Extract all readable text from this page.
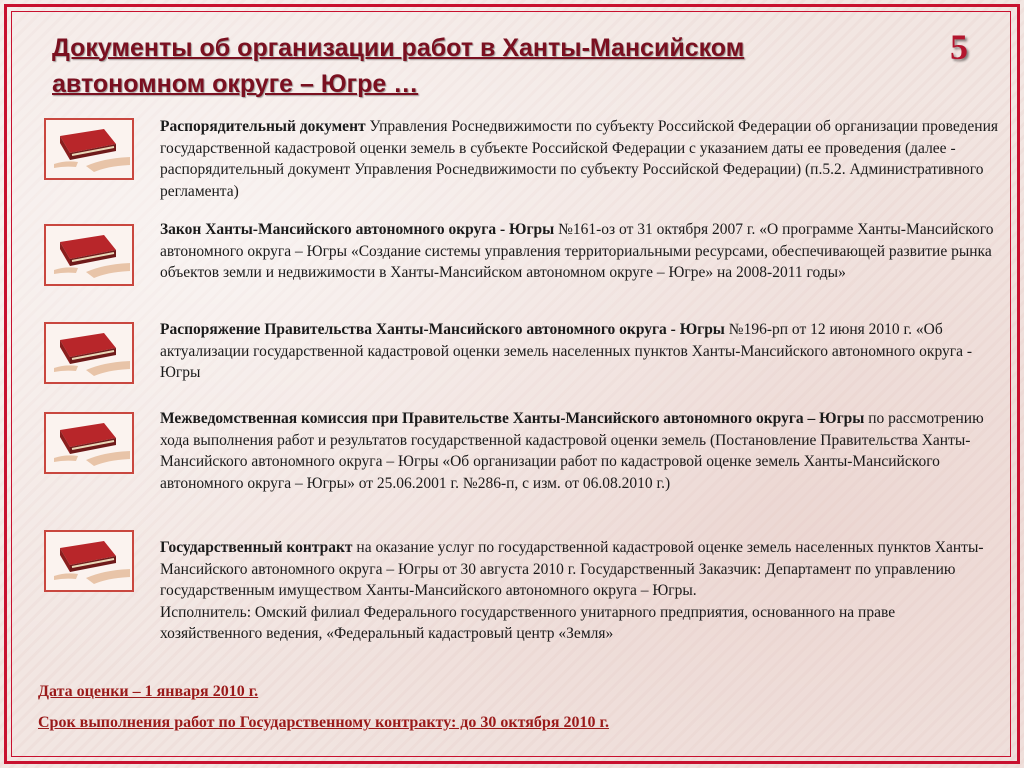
Документы об организации работ в Ханты-Мансийском автономном округе – Югре …
5
Распорядительный документ Управления Роснедвижимости по субъекту Российской Федерации об организации проведения государственной кадастровой оценки земель в субъекте Российской Федерации с указанием даты ее проведения (далее - распорядительный документ Управления Роснедвижимости по субъекту Российской Федерации) (п.5.2. Административного регламента)
Закон Ханты-Мансийского автономного округа - Югры №161-оз от 31 октября 2007 г. «О программе Ханты-Мансийского автономного округа – Югры «Создание системы управления территориальными ресурсами, обеспечивающей развитие рынка объектов земли и недвижимости в Ханты-Мансийском автономном округе – Югре» на 2008-2011 годы»
Распоряжение Правительства Ханты-Мансийского автономного округа - Югры №196-рп от 12 июня 2010 г. «Об актуализации государственной кадастровой оценки земель населенных пунктов Ханты-Мансийского автономного округа - Югры
Межведомственная комиссия при Правительстве Ханты-Мансийского автономного округа – Югры по рассмотрению хода выполнения работ и результатов государственной кадастровой оценки земель (Постановление Правительства Ханты-Мансийского автономного округа – Югры «Об организации работ по кадастровой оценке земель Ханты-Мансийского автономного округа – Югры» от 25.06.2001 г. №286-п, с изм. от 06.08.2010 г.)
Государственный контракт на оказание услуг по государственной кадастровой оценке земель населенных пунктов Ханты-Мансийского автономного округа – Югры от 30 августа 2010 г. Государственный Заказчик: Департамент по управлению государственным имуществом Ханты-Мансийского автономного округа – Югры.
Исполнитель: Омский филиал Федерального государственного унитарного предприятия, основанного на праве хозяйственного ведения, «Федеральный кадастровый центр «Земля»
Дата оценки – 1 января 2010 г.
Срок выполнения работ по Государственному контракту: до 30 октября 2010 г.
